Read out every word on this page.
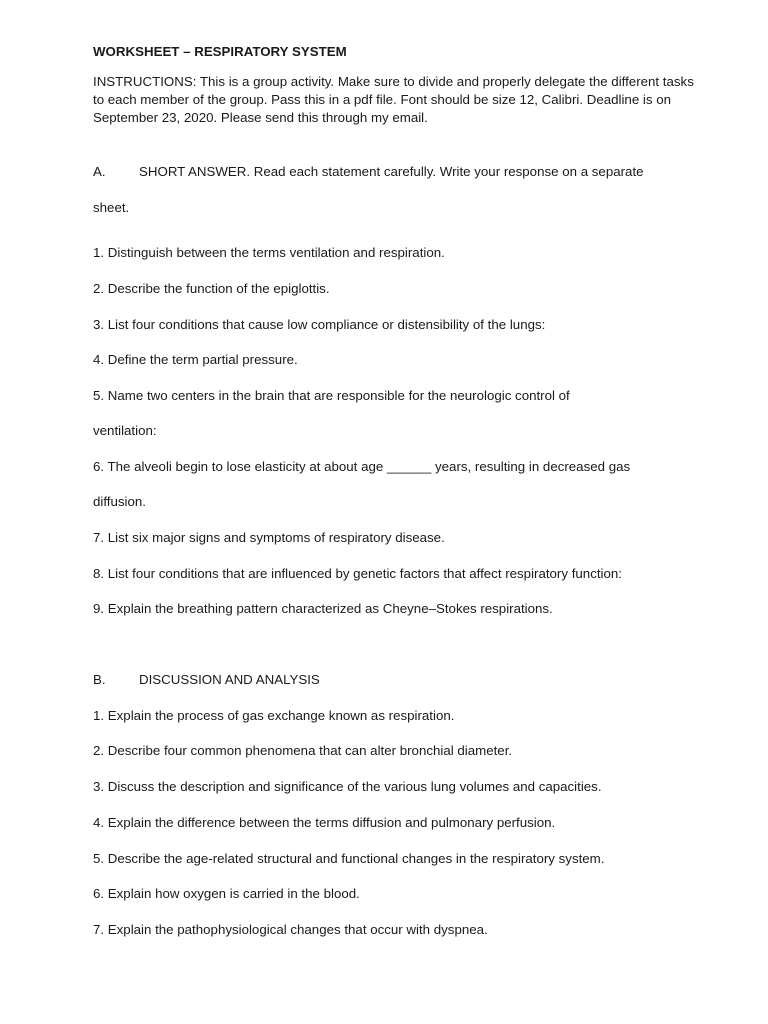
WORKSHEET – RESPIRATORY SYSTEM
INSTRUCTIONS: This is a group activity. Make sure to divide and properly delegate the different tasks to each member of the group. Pass this in a pdf file. Font should be size 12, Calibri. Deadline is on September 23, 2020. Please send this through my email.
A.	SHORT ANSWER. Read each statement carefully. Write your response on a separate
sheet.
1. Distinguish between the terms ventilation and respiration.
2. Describe the function of the epiglottis.
3. List four conditions that cause low compliance or distensibility of the lungs:
4. Define the term partial pressure.
5. Name two centers in the brain that are responsible for the neurologic control of
ventilation:
6. The alveoli begin to lose elasticity at about age ______ years, resulting in decreased gas
diffusion.
7. List six major signs and symptoms of respiratory disease.
8. List four conditions that are influenced by genetic factors that affect respiratory function:
9. Explain the breathing pattern characterized as Cheyne–Stokes respirations.
B.	DISCUSSION AND ANALYSIS
1. Explain the process of gas exchange known as respiration.
2. Describe four common phenomena that can alter bronchial diameter.
3. Discuss the description and significance of the various lung volumes and capacities.
4. Explain the difference between the terms diffusion and pulmonary perfusion.
5. Describe the age-related structural and functional changes in the respiratory system.
6. Explain how oxygen is carried in the blood.
7. Explain the pathophysiological changes that occur with dyspnea.
